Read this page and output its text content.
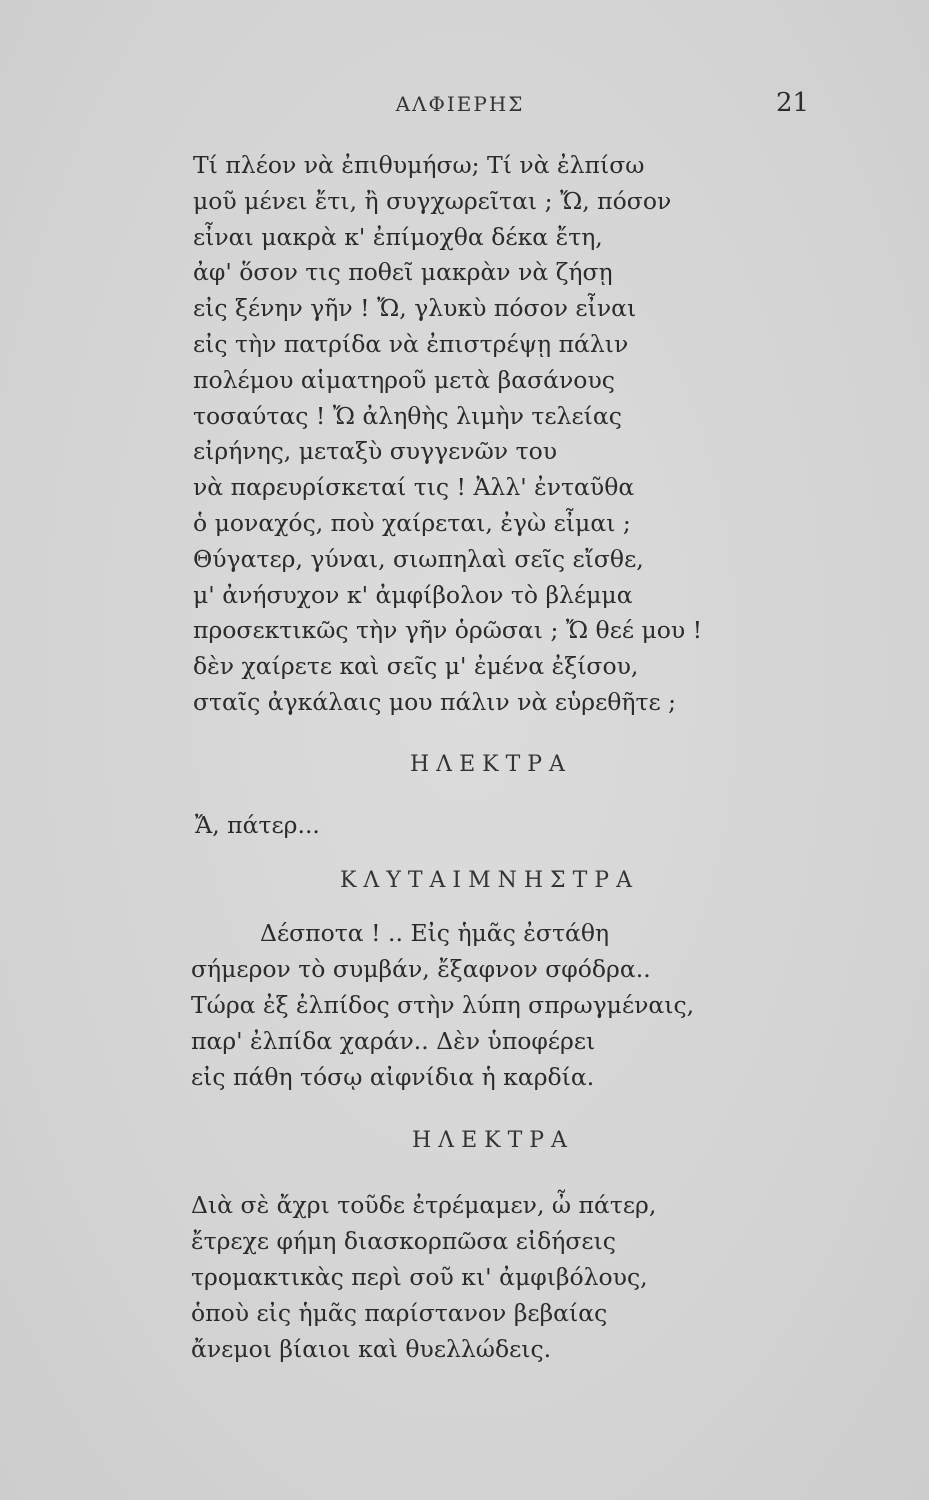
ΑΛΦΙΕΡΗΣ	21
Τί πλέον νὰ ἐπιθυμήσω; Τί νὰ ἐλπίσω
μοῦ μένει ἔτι, ἢ συγχωρεῖται ; Ὤ, πόσον
εἶναι μακρὰ κ' ἐπίμοχθα δέκα ἔτη,
ἀφ' ὅσον τις ποθεῖ μακρὰν νὰ ζήσῃ
εἰς ξένην γῆν ! Ὤ, γλυκὺ πόσον εἶναι
εἰς τὴν πατρίδα νὰ ἐπιστρέψῃ πάλιν
πολέμου αἱματηροῦ μετὰ βασάνους
τοσαύτας ! Ὤ ἀληθὴς λιμὴν τελείας
εἰρήνης, μεταξὺ συγγενῶν του
νὰ παρευρίσκεταί τις ! Ἀλλ' ἐνταῦθα
ὁ μοναχός, ποὺ χαίρεται, ἐγὼ εἶμαι ;
Θύγατερ, γύναι, σιωπηλαὶ σεῖς εἴσθε,
μ' ἀνήσυχον κ' ἀμφίβολον τὸ βλέμμα
προσεκτικῶς τὴν γῆν ὁρῶσαι ; Ὤ θεέ μου !
δὲν χαίρετε καὶ σεῖς μ' ἐμένα ἐξίσου,
σταῖς ἀγκάλαις μου πάλιν νὰ εὑρεθῆτε ;
ΗΛΕΚΤΡΑ
Ἄ, πάτερ...
ΚΛΥΤΑΙΜΝΗΣΤΡΑ
Δέσποτα ! .. Εἰς ἡμᾶς ἐστάθη
σήμερον τὸ συμβάν, ἔξαφνον σφόδρα..
Τώρα ἐξ ἐλπίδος στὴν λύπη σπρωγμέναις,
παρ' ἐλπίδα χαράν.. Δὲν ὑποφέρει
εἰς πάθη τόσῳ αἰφνίδια ἡ καρδία.
ΗΛΕΚΤΡΑ
Διὰ σὲ ἄχρι τοῦδε ἐτρέμαμεν, ὦ πάτερ,
ἔτρεχε φήμη διασκορπῶσα εἰδήσεις
τρομακτικὰς περὶ σοῦ κι' ἀμφιβόλους,
ὁποὺ εἰς ἡμᾶς παρίστανον βεβαίας
ἄνεμοι βίαιοι καὶ θυελλώδεις.
